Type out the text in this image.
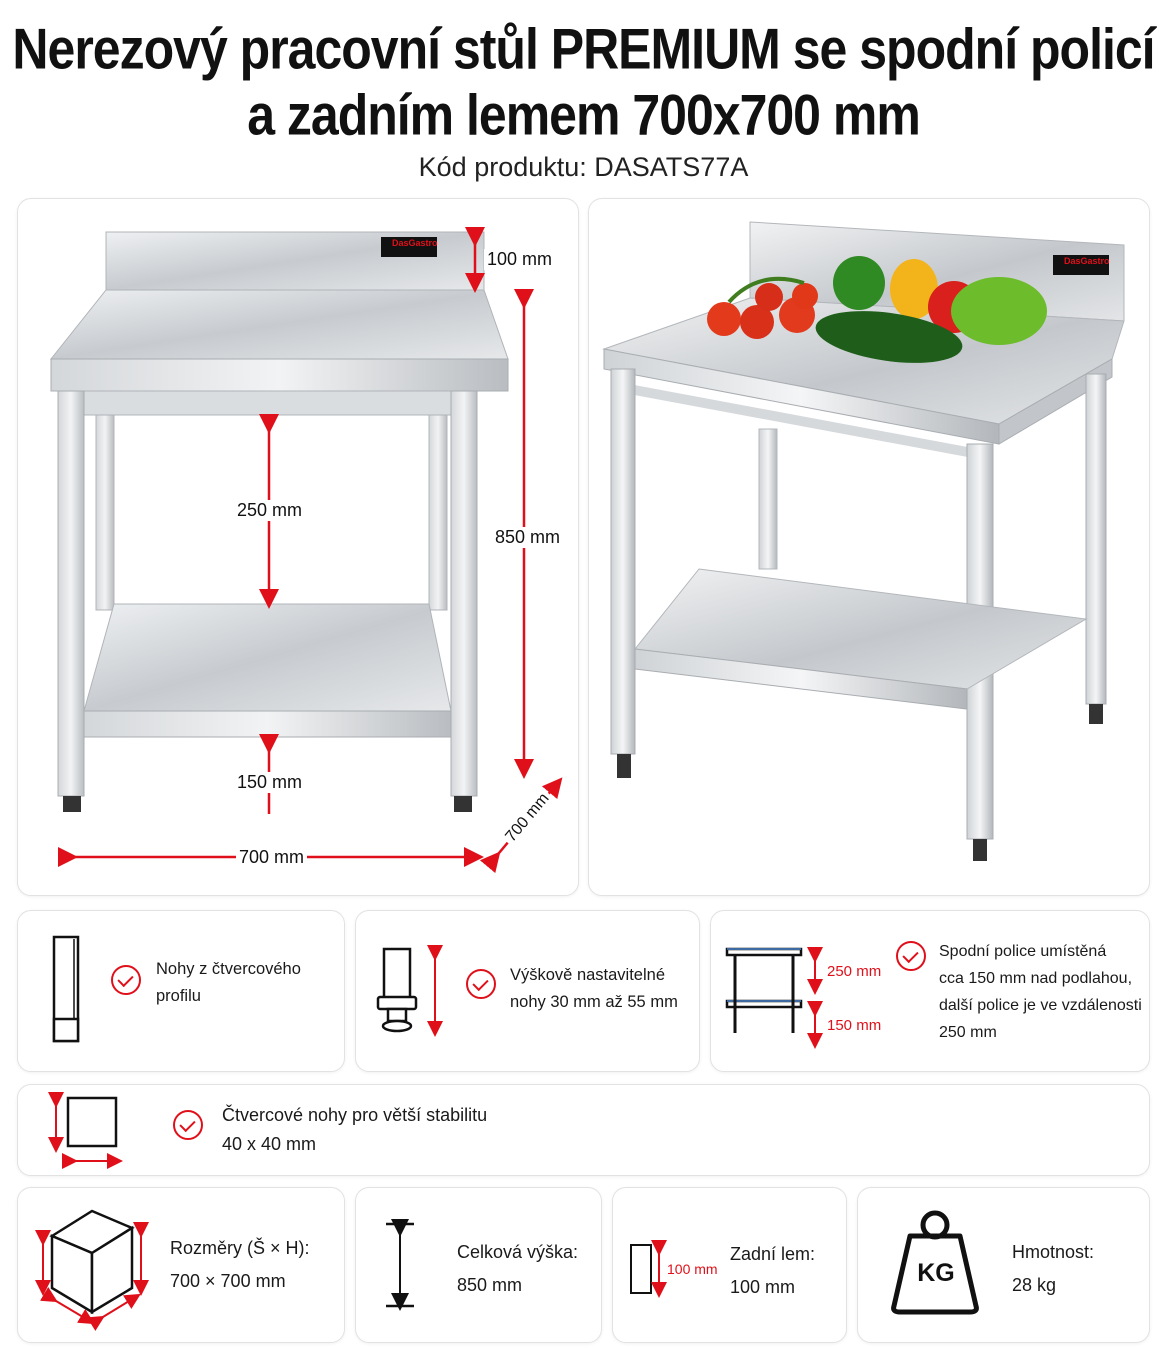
Nerezový pracovní stůl PREMIUM se spodní policí
a zadním lemem 700x700 mm
Kód produktu: DASATS77A
DasGastro
100 mm
850 mm
250 mm
150 mm
700 mm
700 mm
DasGastro
Nohy z čtvercového
profilu
Výškově nastavitelné
nohy 30 mm až 55 mm
250 mm
150 mm
Spodní police umístěná
cca 150 mm nad podlahou,
další police je ve vzdálenosti
250 mm
Čtvercové nohy pro větší stabilitu
40 x 40 mm
Rozměry (Š × H):
700 × 700 mm
Celková výška:
850 mm
100 mm
Zadní lem:
100 mm	KG
Hmotnost:
28 kg
